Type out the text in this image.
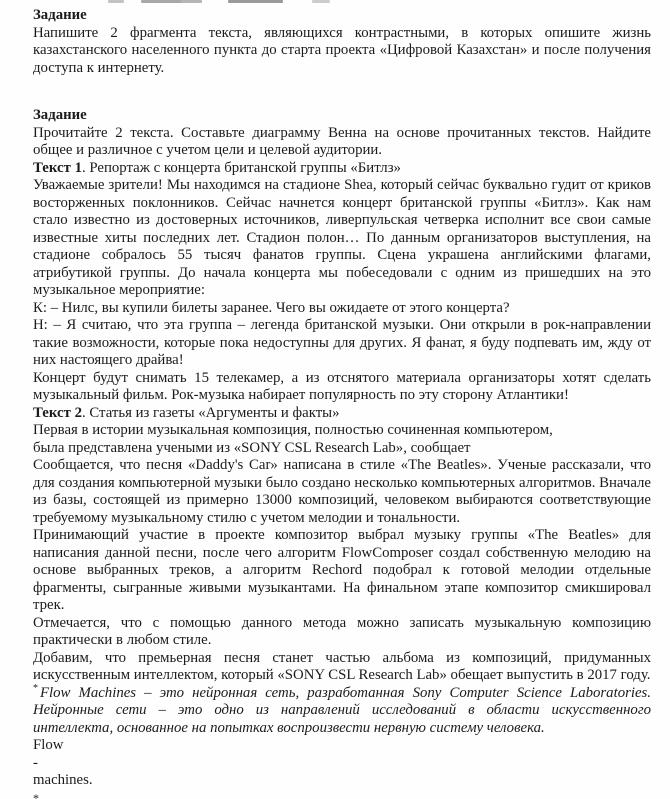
Задание

Напишите 2 фрагмента текста, являющихся контрастными, в которых опишите жизнь казахстанского населенного пункта до старта проекта «Цифровой Казахстан» и после получения доступа к интернету.

Задание

Прочитайте 2 текста. Составьте диаграмму Венна на основе прочитанных текстов. Найдите общее и различное с учетом цели и целевой аудитории.

Текст 1. Репортаж с концерта британской группы «Битлз»

Уважаемые зрители! Мы находимся на стадионе Shea, который сейчас буквально гудит от криков восторженных поклонников. Сейчас начнется концерт британской группы «Битлз». Как нам стало известно из достоверных источников, ливерпульская четверка исполнит все свои самые известные хиты последних лет. Стадион полон… По данным организаторов выступления, на стадионе собралось 55 тысяч фанатов группы. Сцена украшена английскими флагами, атрибутикой группы. До начала концерта мы побеседовали с одним из пришедших на это музыкальное мероприятие:

К: – Нилс, вы купили билеты заранее. Чего вы ожидаете от этого концерта?

Н: – Я считаю, что эта группа – легенда британской музыки. Они открыли в рок-направлении такие возможности, которые пока недоступны для других. Я фанат, я буду подпевать им, жду от них настоящего драйва!

Концерт будут снимать 15 телекамер, а из отснятого материала организаторы хотят сделать музыкальный фильм. Рок-музыка набирает популярность по эту сторону Атлантики!

Текст 2. Статья из газеты «Аргументы и факты»

Первая в истории музыкальная композиция, полностью сочиненная компьютером,

была представлена учеными из «SONY CSL Research Lab», сообщает

Сообщается, что песня «Daddy's Car» написана в стиле «The Beatles». Ученые рассказали, что для создания компьютерной музыки было создано несколько компьютерных алгоритмов. Вначале из базы, состоящей из примерно 13000 композиций, человеком выбираются соответствующие требуемому музыкальному стилю с учетом мелодии и тональности.

Принимающий участие в проекте композитор выбрал музыку группы «The Beatles» для написания данной песни, после чего алгоритм FlowComposer создал собственную мелодию на основе выбранных треков, а алгоритм Rechord подобрал к готовой мелодии отдельные фрагменты, сыгранные живыми музыкантами. На финальном этапе композитор смикшировал трек.

Отмечается, что с помощью данного метода можно записать музыкальную композицию практически в любом стиле.

Добавим, что премьерная песня станет частью альбома из композиций, придуманных искусственным интеллектом, который «SONY CSL Research Lab» обещает выпустить в 2017 году.

* Flow Machines – это нейронная сеть, разработанная Sony Computer Science Laboratories. Нейронные сети – это одно из направлений исследований в области искусственного интеллекта, основанное на попытках воспроизвести нервную систему человека.

Flow

-

machines.

*
